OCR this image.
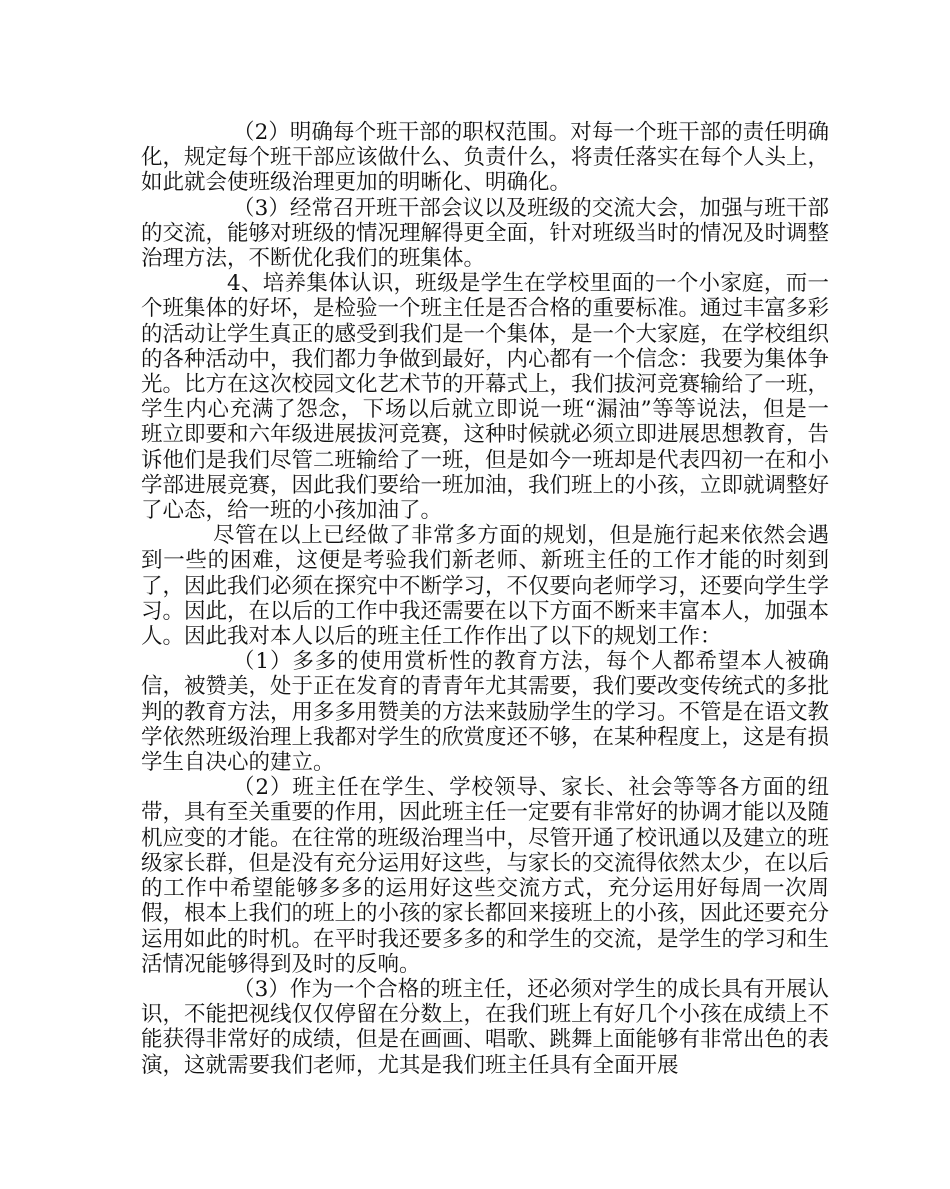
（2）明确每个班干部的职权范围。对每一个班干部的责任明确化，规定每个班干部应该做什么、负责什么，将责任落实在每个人头上，如此就会使班级治理更加的明晰化、明确化。

（3）经常召开班干部会议以及班级的交流大会，加强与班干部的交流，能够对班级的情况理解得更全面，针对班级当时的情况及时调整治理方法，不断优化我们的班集体。

4、培养集体认识，班级是学生在学校里面的一个小家庭，而一个班集体的好坏，是检验一个班主任是否合格的重要标准。通过丰富多彩的活动让学生真正的感受到我们是一个集体，是一个大家庭，在学校组织的各种活动中，我们都力争做到最好，内心都有一个信念：我要为集体争光。比方在这次校园文化艺术节的开幕式上，我们拔河竞赛输给了一班，学生内心充满了怨念，下场以后就立即说一班“漏油”等等说法，但是一班立即要和六年级进展拔河竞赛，这种时候就必须立即进展思想教育，告诉他们是我们尽管二班输给了一班，但是如今一班却是代表四初一在和小学部进展竞赛，因此我们要给一班加油，我们班上的小孩，立即就调整好了心态，给一班的小孩加油了。

尽管在以上已经做了非常多方面的规划，但是施行起来依然会遇到一些的困难，这便是考验我们新老师、新班主任的工作才能的时刻到了，因此我们必须在探究中不断学习，不仅要向老师学习，还要向学生学习。因此，在以后的工作中我还需要在以下方面不断来丰富本人，加强本人。因此我对本人以后的班主任工作作出了以下的规划工作：

（1）多多的使用赏析性的教育方法，每个人都希望本人被确信，被赞美，处于正在发育的青青年尤其需要，我们要改变传统式的多批判的教育方法，用多多用赞美的方法来鼓励学生的学习。不管是在语文教学依然班级治理上我都对学生的欣赏度还不够，在某种程度上，这是有损学生自决心的建立。

（2）班主任在学生、学校领导、家长、社会等等各方面的纽带，具有至关重要的作用，因此班主任一定要有非常好的协调才能以及随机应变的才能。在往常的班级治理当中，尽管开通了校讯通以及建立的班级家长群，但是没有充分运用好这些，与家长的交流得依然太少，在以后的工作中希望能够多多的运用好这些交流方式，充分运用好每周一次周假，根本上我们的班上的小孩的家长都回来接班上的小孩，因此还要充分运用如此的时机。在平时我还要多多的和学生的交流，是学生的学习和生活情况能够得到及时的反响。

（3）作为一个合格的班主任，还必须对学生的成长具有开展认识，不能把视线仅仅停留在分数上，在我们班上有好几个小孩在成绩上不能获得非常好的成绩，但是在画画、唱歌、跳舞上面能够有非常出色的表演，这就需要我们老师，尤其是我们班主任具有全面开展
